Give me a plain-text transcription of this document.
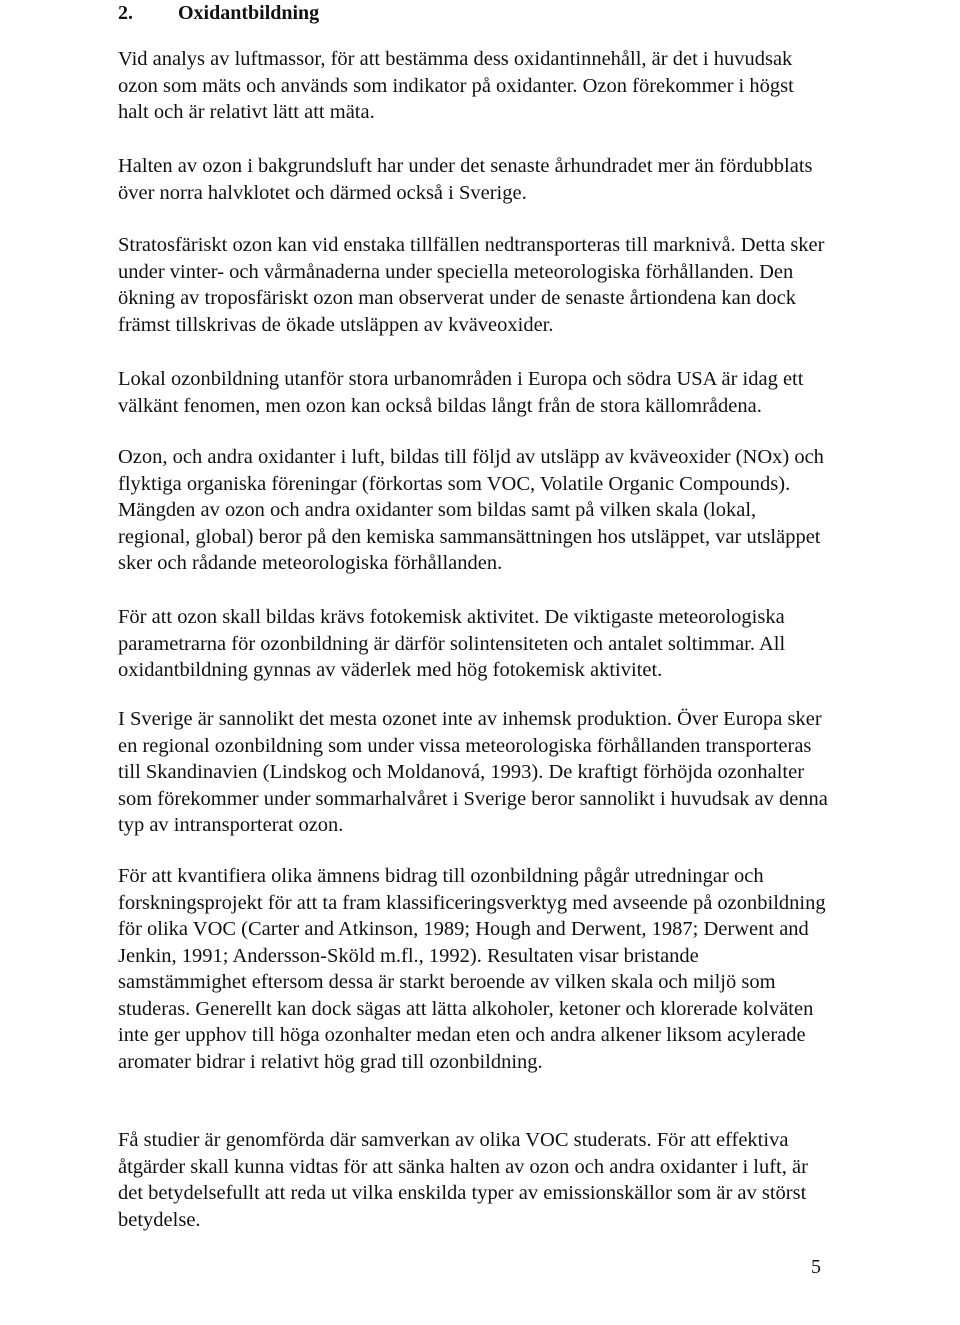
2. Oxidantbildning

Vid analys av luftmassor, för att bestämma dess oxidantinnehåll, är det i huvudsak
ozon som mäts och används som indikator på oxidanter. Ozon förekommer i högst
halt och är relativt lätt att mäta.

Halten av ozon i bakgrundsluft har under det senaste århundradet mer än fördubblats
över norra halvklotet och därmed också i Sverige.

Stratosfäriskt ozon kan vid enstaka tillfällen nedtransporteras till marknivå. Detta sker
under vinter- och vårmånaderna under speciella meteorologiska förhållanden. Den
ökning av troposfäriskt ozon man observerat under de senaste årtiondena kan dock
främst tillskrivas de ökade utsläppen av kväveoxider.

Lokal ozonbildning utanför stora urbanområden i Europa och södra USA är idag ett
välkänt fenomen, men ozon kan också bildas långt från de stora källområdena.

Ozon, och andra oxidanter i luft, bildas till följd av utsläpp av kväveoxider (NOx) och
flyktiga organiska föreningar (förkortas som VOC, Volatile Organic Compounds).
Mängden av ozon och andra oxidanter som bildas samt på vilken skala (lokal,
regional, global) beror på den kemiska sammansättningen hos utsläppet, var utsläppet
sker och rådande meteorologiska förhållanden.

För att ozon skall bildas krävs fotokemisk aktivitet. De viktigaste meteorologiska
parametrarna för ozonbildning är därför solintensiteten och antalet soltimmar. All
oxidantbildning gynnas av väderlek med hög fotokemisk aktivitet.

I Sverige är sannolikt det mesta ozonet inte av inhemsk produktion. Över Europa sker
en regional ozonbildning som under vissa meteorologiska förhållanden transporteras
till Skandinavien (Lindskog och Moldanová, 1993). De kraftigt förhöjda ozonhalter
som förekommer under sommarhalvåret i Sverige beror sannolikt i huvudsak av denna
typ av intransporterat ozon.

För att kvantifiera olika ämnens bidrag till ozonbildning pågår utredningar och
forskningsprojekt för att ta fram klassificeringsverktyg med avseende på ozonbildning
för olika VOC (Carter and Atkinson, 1989; Hough and Derwent, 1987; Derwent and
Jenkin, 1991; Andersson-Sköld m.fl., 1992). Resultaten visar bristande
samstämmighet eftersom dessa är starkt beroende av vilken skala och miljö som
studeras. Generellt kan dock sägas att lätta alkoholer, ketoner och klorerade kolväten
inte ger upphov till höga ozonhalter medan eten och andra alkener liksom acylerade
aromater bidrar i relativt hög grad till ozonbildning.

Få studier är genomförda där samverkan av olika VOC studerats. För att effektiva
åtgärder skall kunna vidtas för att sänka halten av ozon och andra oxidanter i luft, är
det betydelsefullt att reda ut vilka enskilda typer av emissionskällor som är av störst
betydelse.

5
